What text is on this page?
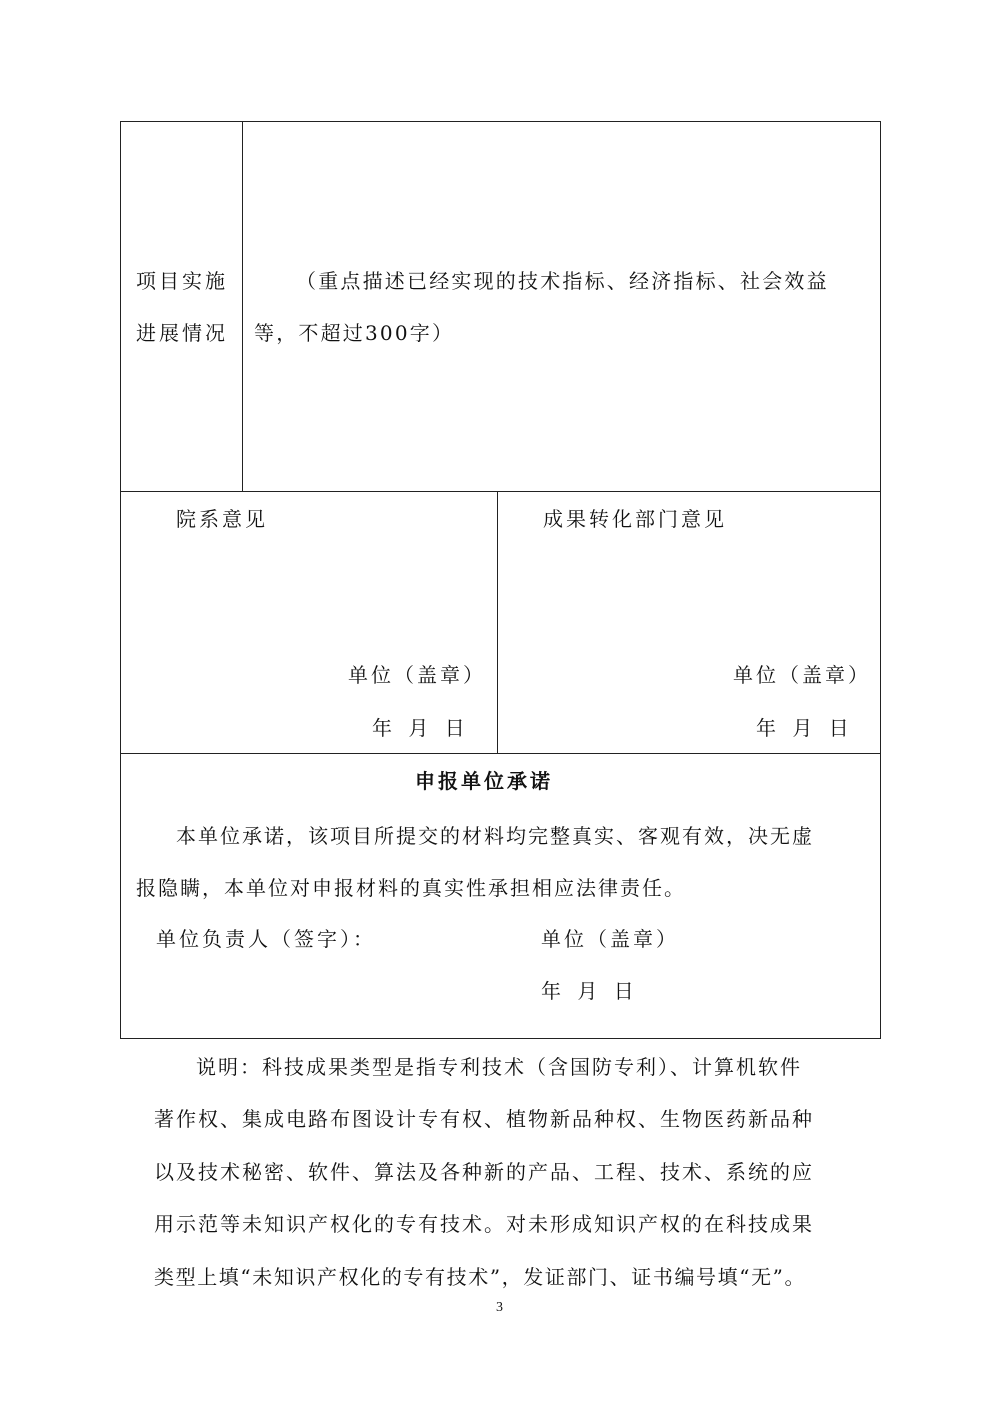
项目实施
进展情况
（重点描述已经实现的技术指标、经济指标、社会效益
等，不超过300字）
院系意见
单位（盖章）
年 月 日
成果转化部门意见
单位（盖章）
年 月 日
申报单位承诺
本单位承诺，该项目所提交的材料均完整真实、客观有效，决无虚
报隐瞒，本单位对申报材料的真实性承担相应法律责任。
单位负责人（签字）：	单位（盖章）
年 月 日
说明：科技成果类型是指专利技术（含国防专利）、计算机软件
著作权、集成电路布图设计专有权、植物新品种权、生物医药新品种
以及技术秘密、软件、算法及各种新的产品、工程、技术、系统的应
用示范等未知识产权化的专有技术。对未形成知识产权的在科技成果
类型上填“未知识产权化的专有技术”，发证部门、证书编号填“无”。
3
